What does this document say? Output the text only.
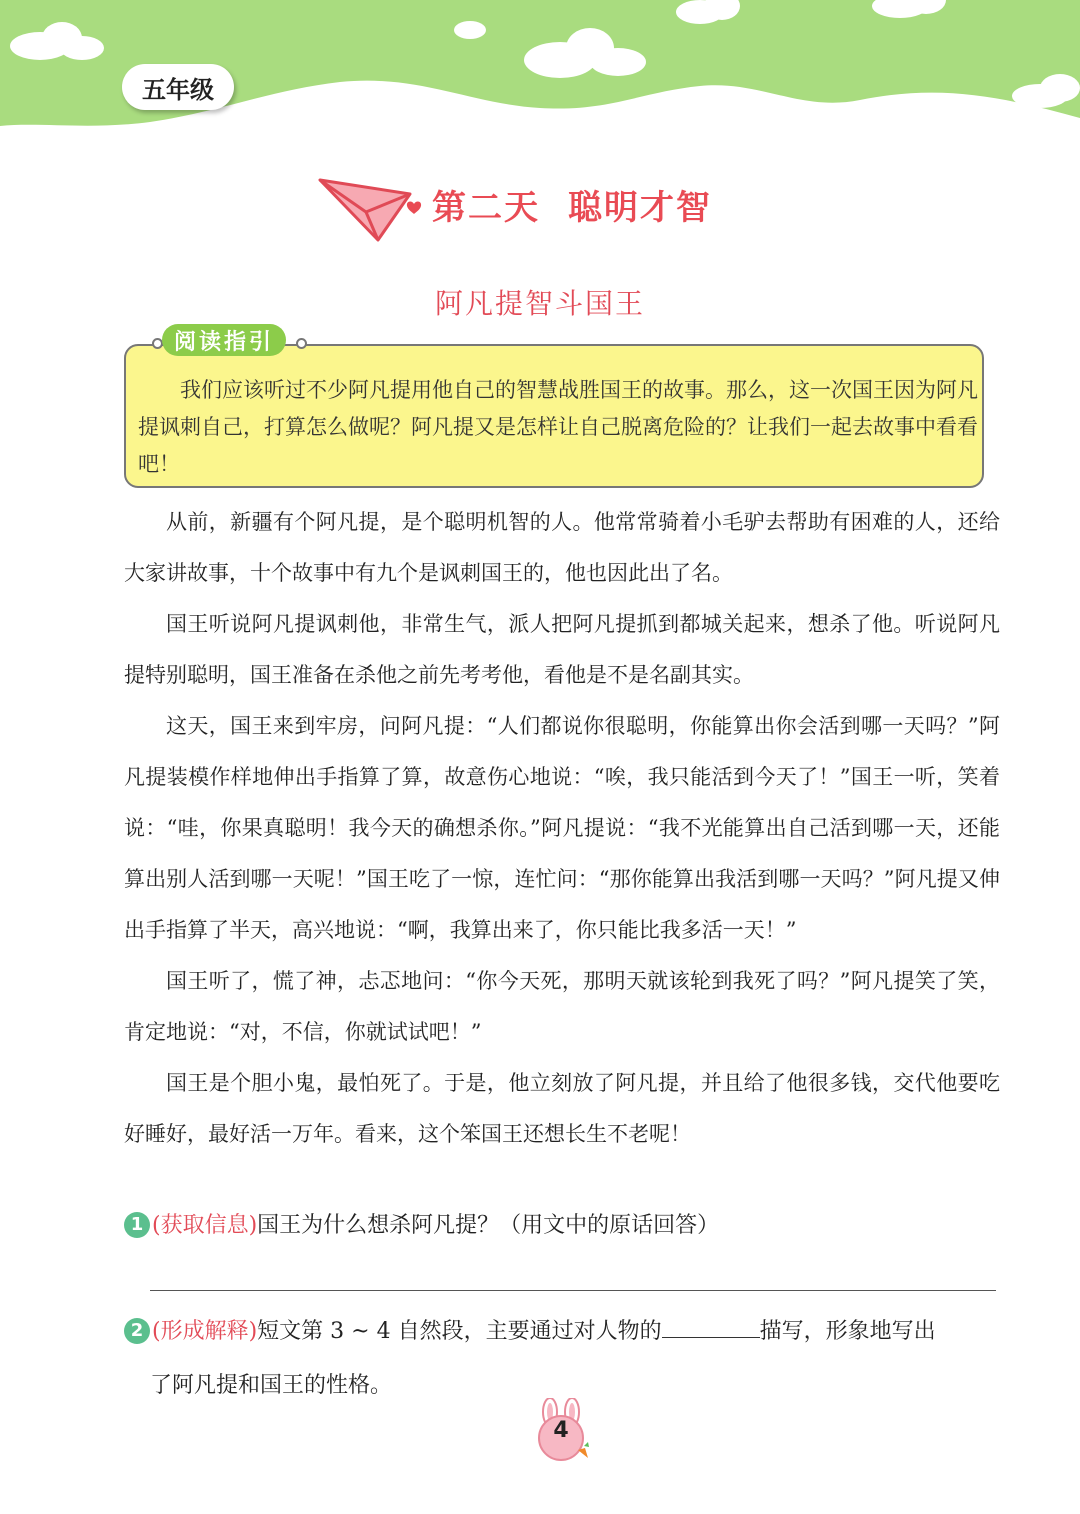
五年级
第二天 聪明才智
阿凡提智斗国王
阅读指引
我们应该听过不少阿凡提用他自己的智慧战胜国王的故事。那么，这一次国王因为阿凡提讽刺自己，打算怎么做呢？阿凡提又是怎样让自己脱离危险的？让我们一起去故事中看看吧！

从前，新疆有个阿凡提，是个聪明机智的人。他常常骑着小毛驴去帮助有困难的人，还给大家讲故事，十个故事中有九个是讽刺国王的，他也因此出了名。

国王听说阿凡提讽刺他，非常生气，派人把阿凡提抓到都城关起来，想杀了他。听说阿凡提特别聪明，国王准备在杀他之前先考考他，看他是不是名副其实。

这天，国王来到牢房，问阿凡提：“人们都说你很聪明，你能算出你会活到哪一天吗？”阿凡提装模作样地伸出手指算了算，故意伤心地说：“唉，我只能活到今天了！”国王一听，笑着说：“哇，你果真聪明！我今天的确想杀你。”阿凡提说：“我不光能算出自己活到哪一天，还能算出别人活到哪一天呢！”国王吃了一惊，连忙问：“那你能算出我活到哪一天吗？”阿凡提又伸出手指算了半天，高兴地说：“啊，我算出来了，你只能比我多活一天！”

国王听了，慌了神，忐忑地问：“你今天死，那明天就该轮到我死了吗？”阿凡提笑了笑，肯定地说：“对，不信，你就试试吧！”

国王是个胆小鬼，最怕死了。于是，他立刻放了阿凡提，并且给了他很多钱，交代他要吃好睡好，最好活一万年。看来，这个笨国王还想长生不老呢！

1 (获取信息)国王为什么想杀阿凡提？（用文中的原话回答）
2 (形成解释)短文第 3 ~ 4 自然段，主要通过对人物的	描写，形象地写出
了阿凡提和国王的性格。
4
